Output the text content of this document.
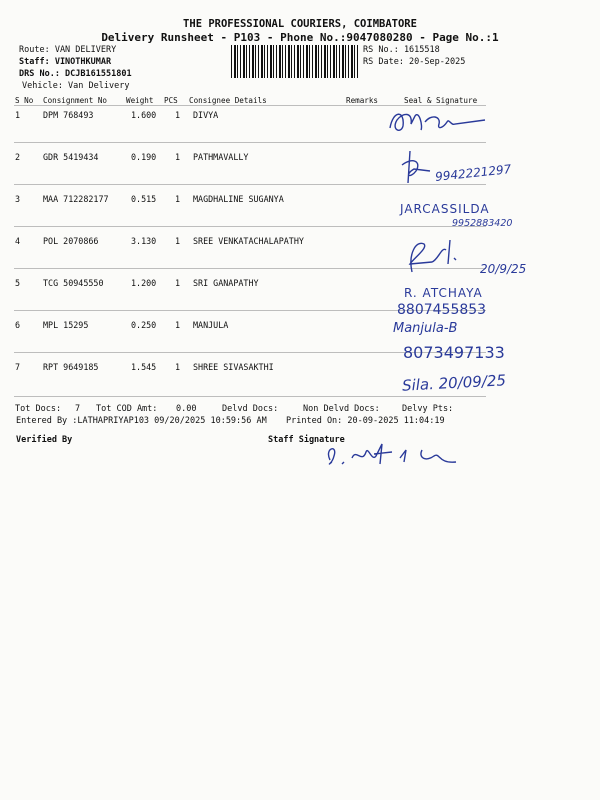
THE PROFESSIONAL COURIERS, COIMBATORE
Delivery Runsheet - P103 - Phone No.:9047080280 - Page No.:1
Route: VAN DELIVERY
Staff: VINOTHKUMAR
DRS No.: DCJB161551801
Vehicle: Van Delivery
RS No.: 1615518
RS Date: 20-Sep-2025
S No Consignment No Weight PCS Consignee Details	Remarks	Seal & Signature
1	DPM 768493	1.600 1 DIVYA
2	GDR 5419434	0.190 1 PATHMAVALLY
3	MAA 712282177	0.515 1 MAGDHALINE SUGANYA
4	POL 2070866	3.130 1 SREE VENKATACHALAPATHY
5	TCG 50945550	1.200 1 SRI GANAPATHY
6	MPL 15295	0.250 1 MANJULA
7	RPT 9649185	1.545 1 SHREE SIVASAKTHI
9942221297
JARCASSILDA
9952883420
20/9/25
R. ATCHAYA
8807455853
Manjula-B
8073497133
Sila. 20/09/25
Tot Docs: 7 Tot COD Amt: 0.00	Delvd Docs:	Non Delvd Docs:	Delvy Pts:
Entered By :LATHAPRIYAP103 09/20/2025 10:59:56 AM Printed On: 20-09-2025 11:04:19
Verified By	Staff Signature
